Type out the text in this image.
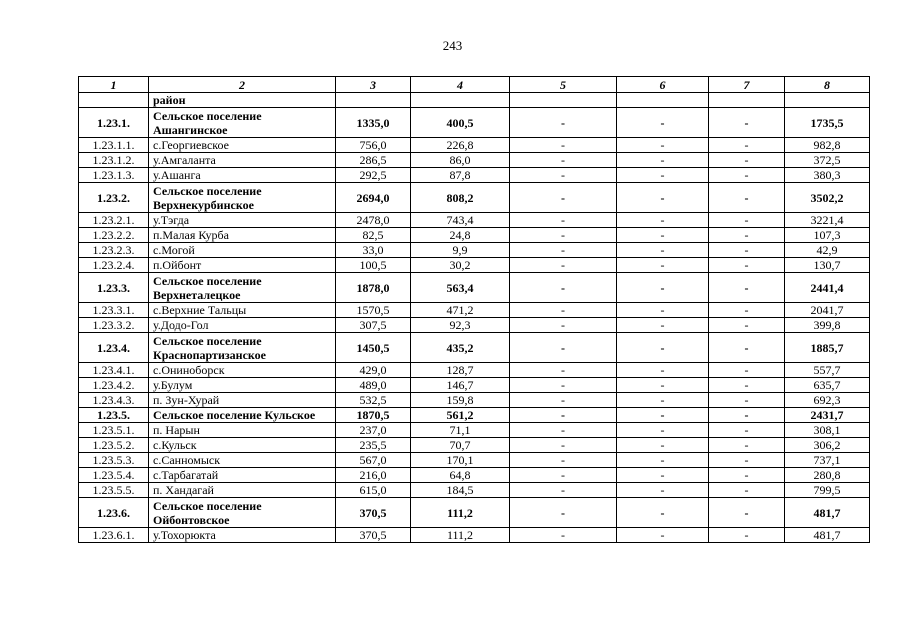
243
1	2	3	4	5	6	7	8
	район						
1.23.1.	Сельское поселение Ашангинское	1335,0	400,5	-	-	-	1735,5
1.23.1.1.	с.Георгиевское	756,0	226,8	-	-	-	982,8
1.23.1.2.	у.Амгаланта	286,5	86,0	-	-	-	372,5
1.23.1.3.	у.Ашанга	292,5	87,8	-	-	-	380,3
1.23.2.	Сельское поселение Верхнекурбинское	2694,0	808,2	-	-	-	3502,2
1.23.2.1.	у.Тэгда	2478,0	743,4	-	-	-	3221,4
1.23.2.2.	п.Малая Курба	82,5	24,8	-	-	-	107,3
1.23.2.3.	с.Могой	33,0	9,9	-	-	-	42,9
1.23.2.4.	п.Ойбонт	100,5	30,2	-	-	-	130,7
1.23.3.	Сельское поселение Верхнеталецкое	1878,0	563,4	-	-	-	2441,4
1.23.3.1.	с.Верхние Тальцы	1570,5	471,2	-	-	-	2041,7
1.23.3.2.	у.Додо-Гол	307,5	92,3	-	-	-	399,8
1.23.4.	Сельское поселение Краснопартизанское	1450,5	435,2	-	-	-	1885,7
1.23.4.1.	с.Онинoборск	429,0	128,7	-	-	-	557,7
1.23.4.2.	у.Булум	489,0	146,7	-	-	-	635,7
1.23.4.3.	п. Зун-Хурай	532,5	159,8	-	-	-	692,3
1.23.5.	Сельское поселение Кульское	1870,5	561,2	-	-	-	2431,7
1.23.5.1.	п. Нарын	237,0	71,1	-	-	-	308,1
1.23.5.2.	с.Кульск	235,5	70,7	-	-	-	306,2
1.23.5.3.	с.Санномыск	567,0	170,1	-	-	-	737,1
1.23.5.4.	с.Тарбагатай	216,0	64,8	-	-	-	280,8
1.23.5.5.	п. Хандагай	615,0	184,5	-	-	-	799,5
1.23.6.	Сельское поселение Ойбонтовское	370,5	111,2	-	-	-	481,7
1.23.6.1.	у.Тохорюкта	370,5	111,2	-	-	-	481,7
